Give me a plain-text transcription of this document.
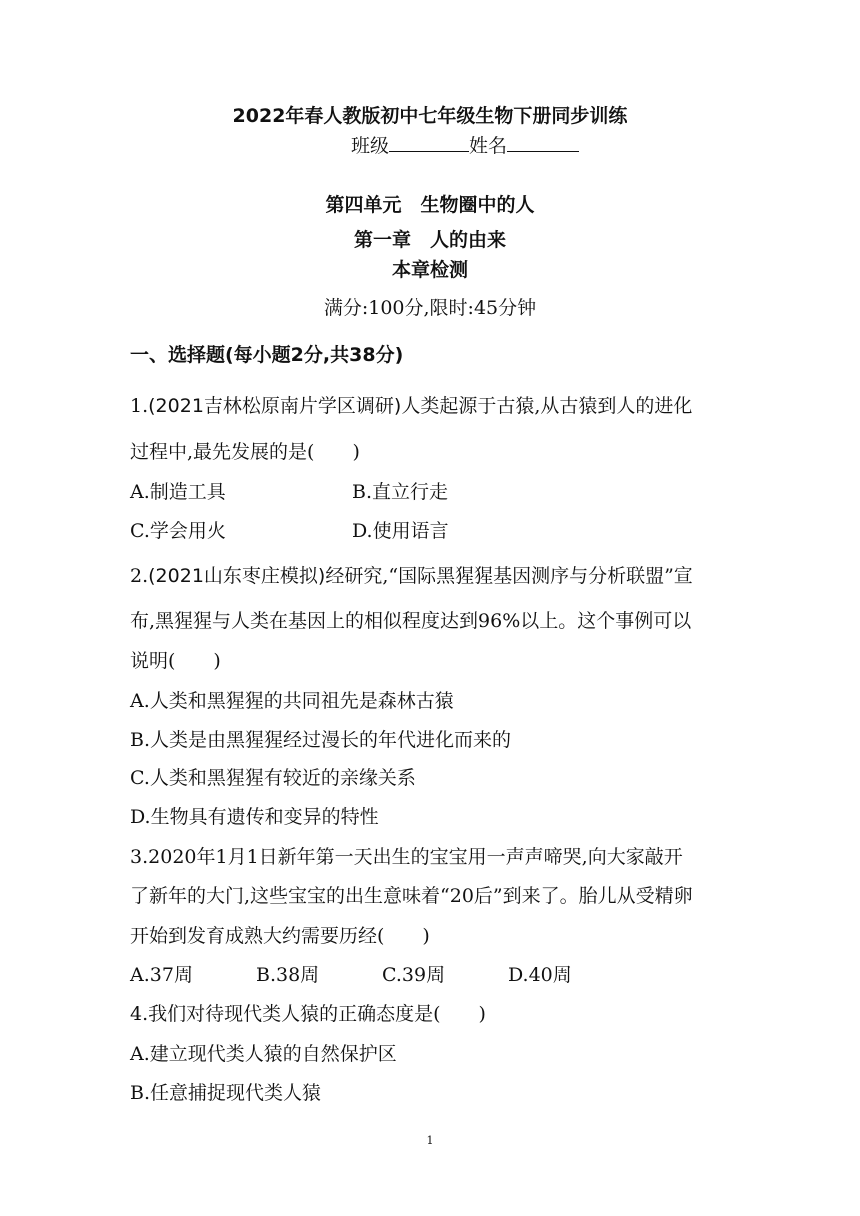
2022年春人教版初中七年级生物下册同步训练
班级	姓名
第四单元　生物圈中的人
第一章　人的由来
本章检测
满分:100分,限时:45分钟
一、选择题(每小题2分,共38分)
1.(2021吉林松原南片学区调研)人类起源于古猿,从古猿到人的进化
过程中,最先发展的是(　　)
A.制造工具	B.直立行走
C.学会用火	D.使用语言
2.(2021山东枣庄模拟)经研究,“国际黑猩猩基因测序与分析联盟”宣
布,黑猩猩与人类在基因上的相似程度达到96%以上。这个事例可以
说明(　　)
A.人类和黑猩猩的共同祖先是森林古猿
B.人类是由黑猩猩经过漫长的年代进化而来的
C.人类和黑猩猩有较近的亲缘关系
D.生物具有遗传和变异的特性
3.2020年1月1日新年第一天出生的宝宝用一声声啼哭,向大家敲开
了新年的大门,这些宝宝的出生意味着“20后”到来了。胎儿从受精卵
开始到发育成熟大约需要历经(　　)
A.37周	B.38周	C.39周	D.40周
4.我们对待现代类人猿的正确态度是(　　)
A.建立现代类人猿的自然保护区
B.任意捕捉现代类人猿
1
